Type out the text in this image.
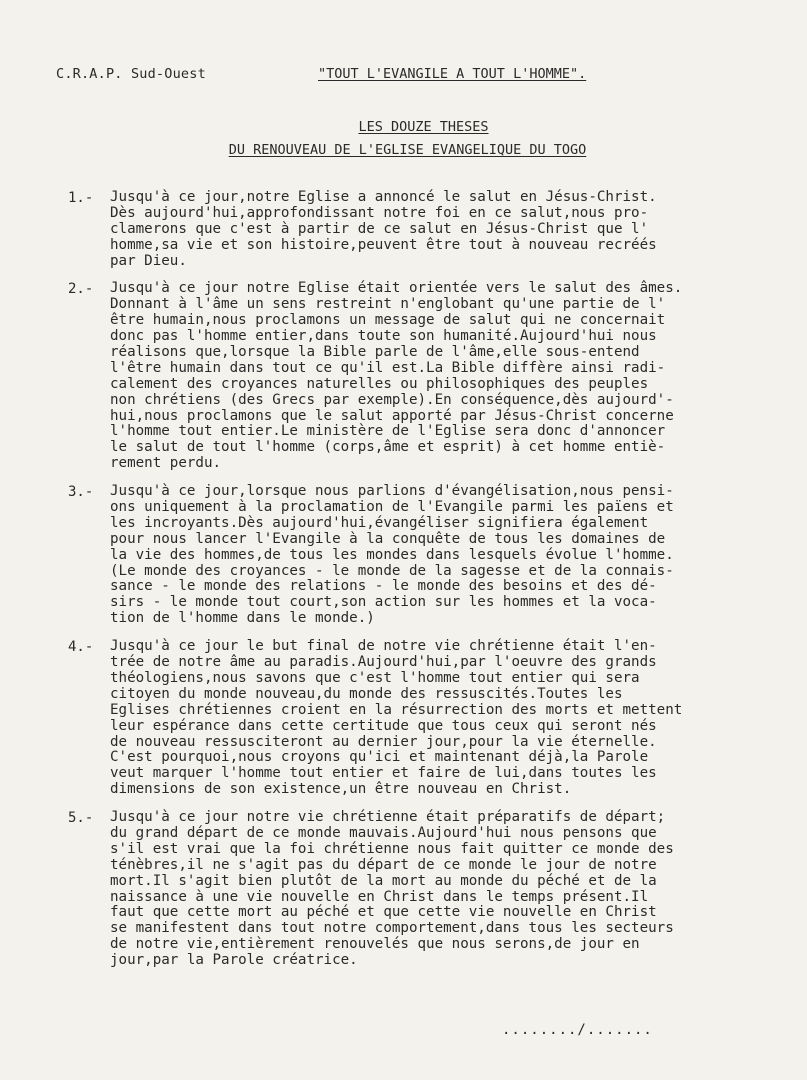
C.R.A.P. Sud-Ouest	"TOUT L'EVANGILE A TOUT L'HOMME".
LES DOUZE THESES
DU RENOUVEAU DE L'EGLISE EVANGELIQUE DU TOGO
1.- Jusqu'à ce jour,notre Eglise a annoncé le salut en Jésus-Christ.
Dès aujourd'hui,approfondissant notre foi en ce salut,nous pro-
clamerons que c'est à partir de ce salut en Jésus-Christ que l'
homme,sa vie et son histoire,peuvent être tout à nouveau recréés
par Dieu.
2.- Jusqu'à ce jour notre Eglise était orientée vers le salut des âmes.
Donnant à l'âme un sens restreint n'englobant qu'une partie de l'
être humain,nous proclamons un message de salut qui ne concernait
donc pas l'homme entier,dans toute son humanité.Aujourd'hui nous
réalisons que,lorsque la Bible parle de l'âme,elle sous-entend
l'être humain dans tout ce qu'il est.La Bible diffère ainsi radi-
calement des croyances naturelles ou philosophiques des peuples
non chrétiens (des Grecs par exemple).En conséquence,dès aujourd'-
hui,nous proclamons que le salut apporté par Jésus-Christ concerne
l'homme tout entier.Le ministère de l'Eglise sera donc d'annoncer
le salut de tout l'homme (corps,âme et esprit) à cet homme entiè-
rement perdu.
3.- Jusqu'à ce jour,lorsque nous parlions d'évangélisation,nous pensi-
ons uniquement à la proclamation de l'Evangile parmi les païens et
les incroyants.Dès aujourd'hui,évangéliser signifiera également
pour nous lancer l'Evangile à la conquête de tous les domaines de
la vie des hommes,de tous les mondes dans lesquels évolue l'homme.
(Le monde des croyances - le monde de la sagesse et de la connais-
sance - le monde des relations - le monde des besoins et des dé-
sirs - le monde tout court,son action sur les hommes et la voca-
tion de l'homme dans le monde.)
4.- Jusqu'à ce jour le but final de notre vie chrétienne était l'en-
trée de notre âme au paradis.Aujourd'hui,par l'oeuvre des grands
théologiens,nous savons que c'est l'homme tout entier qui sera
citoyen du monde nouveau,du monde des ressuscités.Toutes les
Eglises chrétiennes croient en la résurrection des morts et mettent
leur espérance dans cette certitude que tous ceux qui seront nés
de nouveau ressusciteront au dernier jour,pour la vie éternelle.
C'est pourquoi,nous croyons qu'ici et maintenant déjà,la Parole
veut marquer l'homme tout entier et faire de lui,dans toutes les
dimensions de son existence,un être nouveau en Christ.
5.- Jusqu'à ce jour notre vie chrétienne était préparatifs de départ;
du grand départ de ce monde mauvais.Aujourd'hui nous pensons que
s'il est vrai que la foi chrétienne nous fait quitter ce monde des
ténèbres,il ne s'agit pas du départ de ce monde le jour de notre
mort.Il s'agit bien plutôt de la mort au monde du péché et de la
naissance à une vie nouvelle en Christ dans le temps présent.Il
faut que cette mort au péché et que cette vie nouvelle en Christ
se manifestent dans tout notre comportement,dans tous les secteurs
de notre vie,entièrement renouvelés que nous serons,de jour en
jour,par la Parole créatrice.
......../.......
